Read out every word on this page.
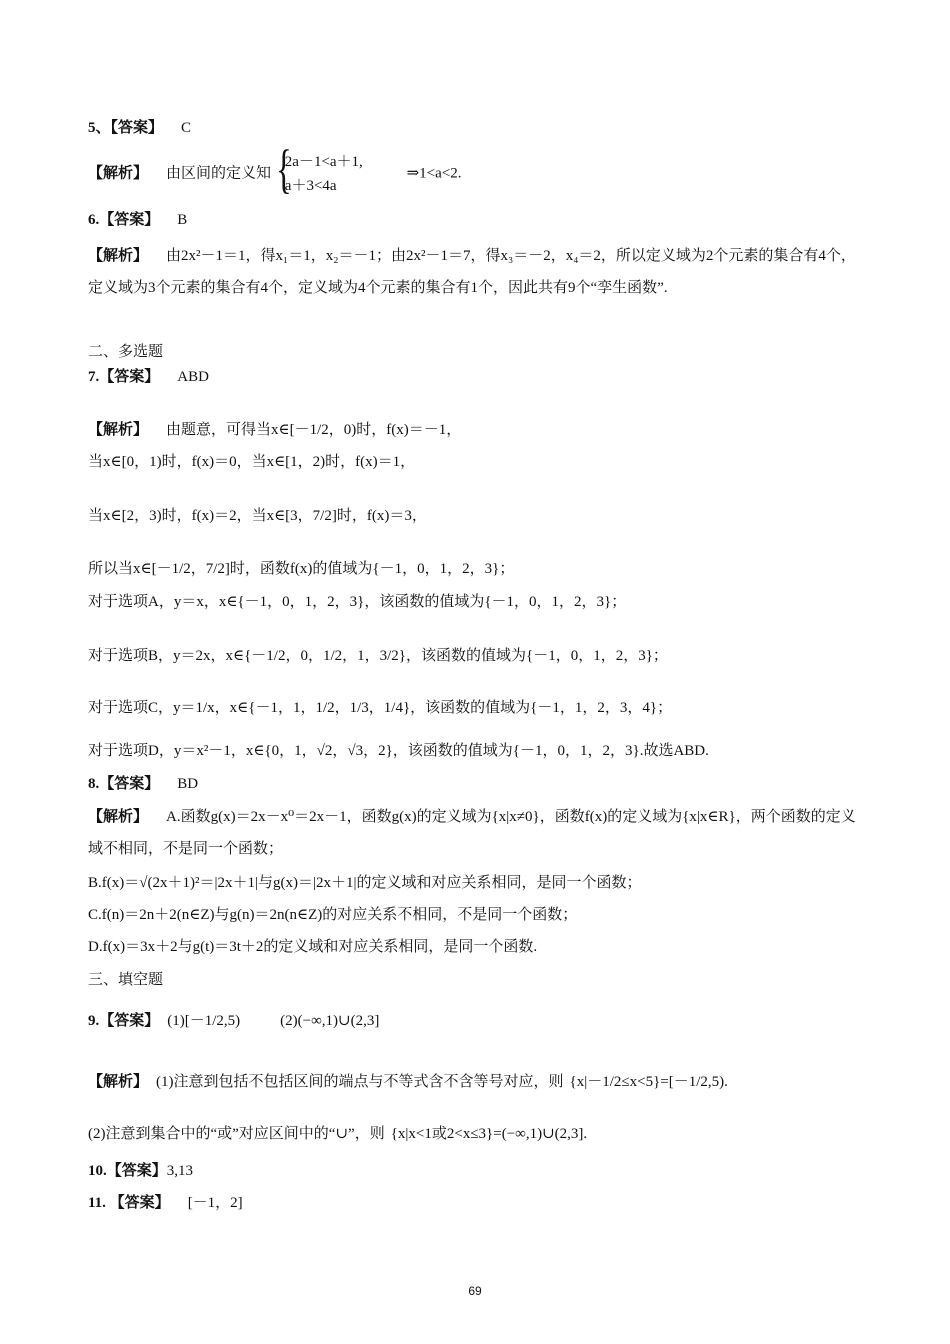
5、【答案】 C
【解析】 由区间的定义知
{ 2a－1<a＋1,
a＋3<4a
⇒1<a<2.
6.【答案】 B
【解析】 由2x²－1＝1，得x₁＝1，x₂＝－1；由2x²－1＝7，得x₃＝－2，x₄＝2，所以定义域为2个元素的集合有4个，定义域为3个元素的集合有4个，定义域为4个元素的集合有1个，因此共有9个“孪生函数”.
二、多选题
7.【答案】 ABD
【解析】 由题意，可得当x∈[－1/2，0)时，f(x)＝－1，
当x∈[0，1)时，f(x)＝0，当x∈[1，2)时，f(x)＝1，
当x∈[2，3)时，f(x)＝2，当x∈[3，7/2]时，f(x)＝3，
所以当x∈[－1/2，7/2]时，函数f(x)的值域为{－1，0，1，2，3}；
对于选项A，y＝x，x∈{－1，0，1，2，3}，该函数的值域为{－1，0，1，2，3}；
对于选项B，y＝2x，x∈{－1/2，0，1/2，1，3/2}，该函数的值域为{－1，0，1，2，3}；
对于选项C，y＝1/x，x∈{－1，1，1/2，1/3，1/4}，该函数的值域为{－1，1，2，3，4}；
对于选项D，y＝x²－1，x∈{0，1，√2，√3，2}，该函数的值域为{－1，0，1，2，3}.故选ABD.
8.【答案】 BD
【解析】 A.函数g(x)＝2x－x⁰＝2x－1，函数g(x)的定义域为{x|x≠0}，函数f(x)的定义域为{x|x∈R}，两个函数的定义域不相同，不是同一个函数；
B.f(x)＝√(2x＋1)²＝|2x＋1|与g(x)＝|2x＋1|的定义域和对应关系相同，是同一个函数；
C.f(n)＝2n＋2(n∈Z)与g(n)＝2n(n∈Z)的对应关系不相同，不是同一个函数；
D.f(x)＝3x＋2与g(t)＝3t＋2的定义域和对应关系相同，是同一个函数.
三、填空题
9.【答案】 (1)[－1/2,5)	(2)(−∞,1)∪(2,3]
【解析】 (1)注意到包括不包括区间的端点与不等式含不含等号对应，则 {x|－1/2≤x<5}=[－1/2,5).
(2)注意到集合中的“或”对应区间中的“∪”，则 {x|x<1或2<x≤3}=(−∞,1)∪(2,3].
10.【答案】3,13
11. 【答案】 [－1，2]
69
